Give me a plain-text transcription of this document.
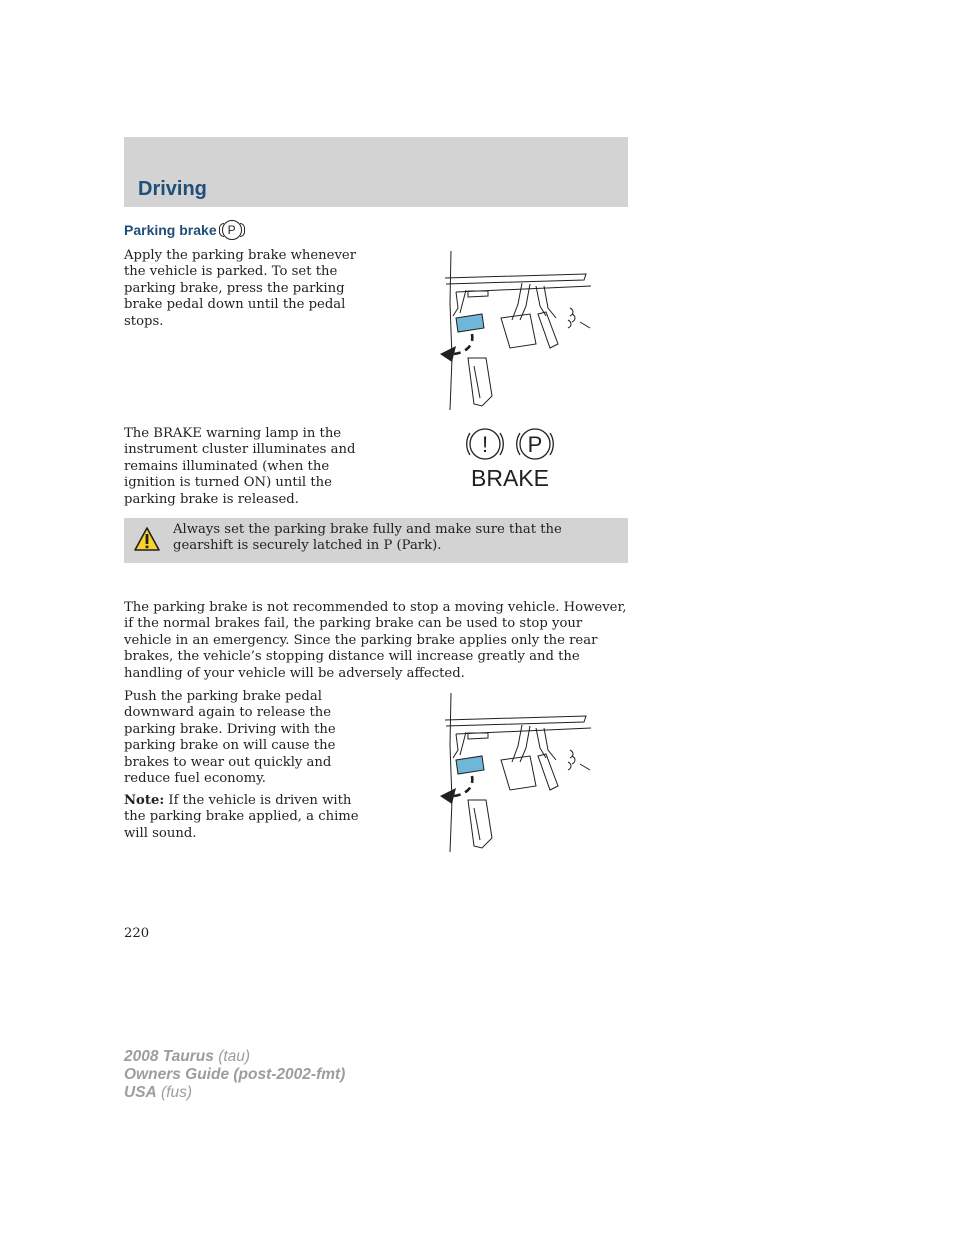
Driving
Parking brake P

Apply the parking brake whenever the vehicle is parked. To set the parking brake, press the parking brake pedal down until the pedal stops.

The BRAKE warning lamp in the instrument cluster illuminates and remains illuminated (when the ignition is turned ON) until the parking brake is released.

! P
BRAKE

Always set the parking brake fully and make sure that the gearshift is securely latched in P (Park).

The parking brake is not recommended to stop a moving vehicle. However, if the normal brakes fail, the parking brake can be used to stop your vehicle in an emergency. Since the parking brake applies only the rear brakes, the vehicle’s stopping distance will increase greatly and the handling of your vehicle will be adversely affected.

Push the parking brake pedal downward again to release the parking brake. Driving with the parking brake on will cause the brakes to wear out quickly and reduce fuel economy.

Note: If the vehicle is driven with the parking brake applied, a chime will sound.

220

2008 Taurus (tau)
Owners Guide (post-2002-fmt)
USA (fus)
